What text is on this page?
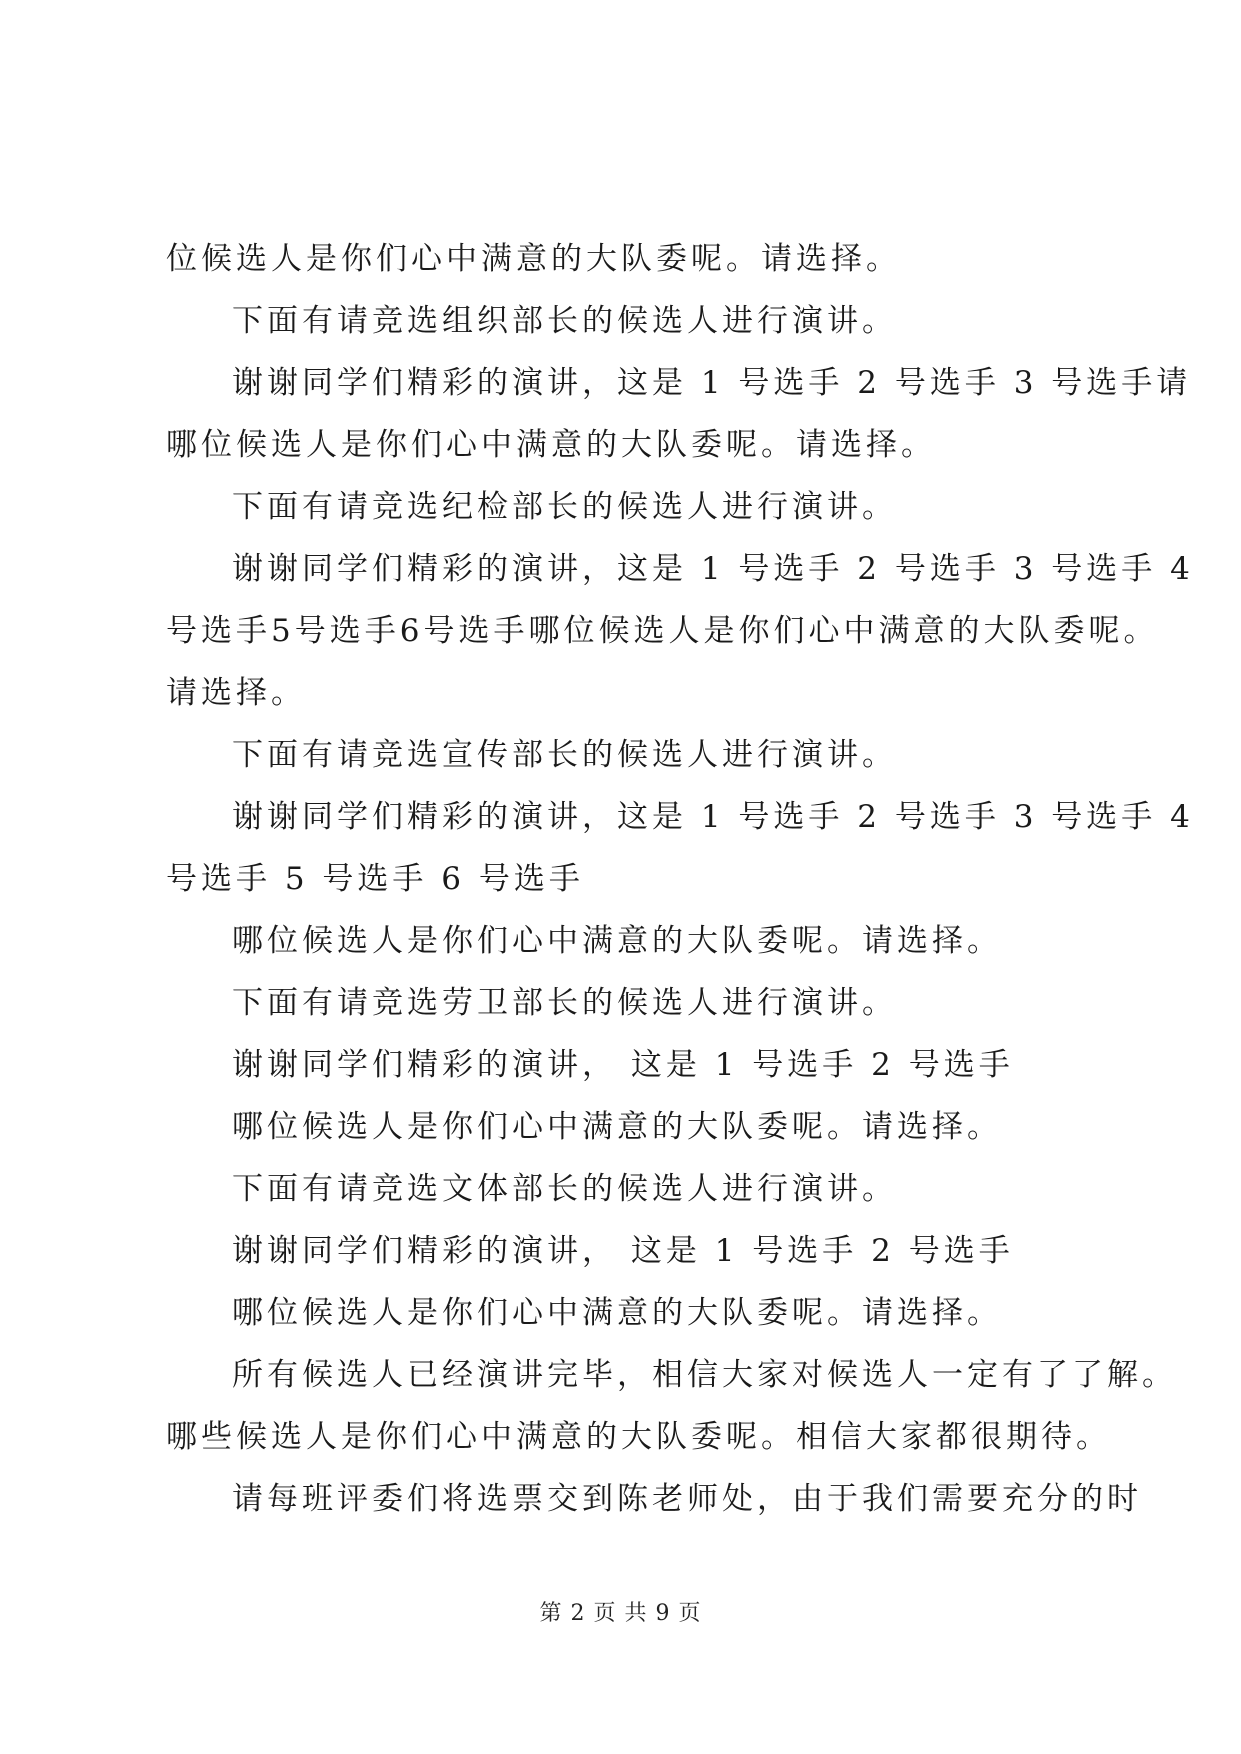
位候选人是你们心中满意的大队委呢。请选择。
下面有请竞选组织部长的候选人进行演讲。
谢谢同学们精彩的演讲，这是 1 号选手 2 号选手 3 号选手请
哪位候选人是你们心中满意的大队委呢。请选择。
下面有请竞选纪检部长的候选人进行演讲。
谢谢同学们精彩的演讲，这是 1 号选手 2 号选手 3 号选手 4
号选手5号选手6号选手哪位候选人是你们心中满意的大队委呢。
请选择。
下面有请竞选宣传部长的候选人进行演讲。
谢谢同学们精彩的演讲，这是 1 号选手 2 号选手 3 号选手 4
号选手 5 号选手 6 号选手
哪位候选人是你们心中满意的大队委呢。请选择。
下面有请竞选劳卫部长的候选人进行演讲。
谢谢同学们精彩的演讲， 这是 1 号选手 2 号选手
哪位候选人是你们心中满意的大队委呢。请选择。
下面有请竞选文体部长的候选人进行演讲。
谢谢同学们精彩的演讲， 这是 1 号选手 2 号选手
哪位候选人是你们心中满意的大队委呢。请选择。
所有候选人已经演讲完毕，相信大家对候选人一定有了了解。
哪些候选人是你们心中满意的大队委呢。相信大家都很期待。
请每班评委们将选票交到陈老师处，由于我们需要充分的时
第 2 页 共 9 页
